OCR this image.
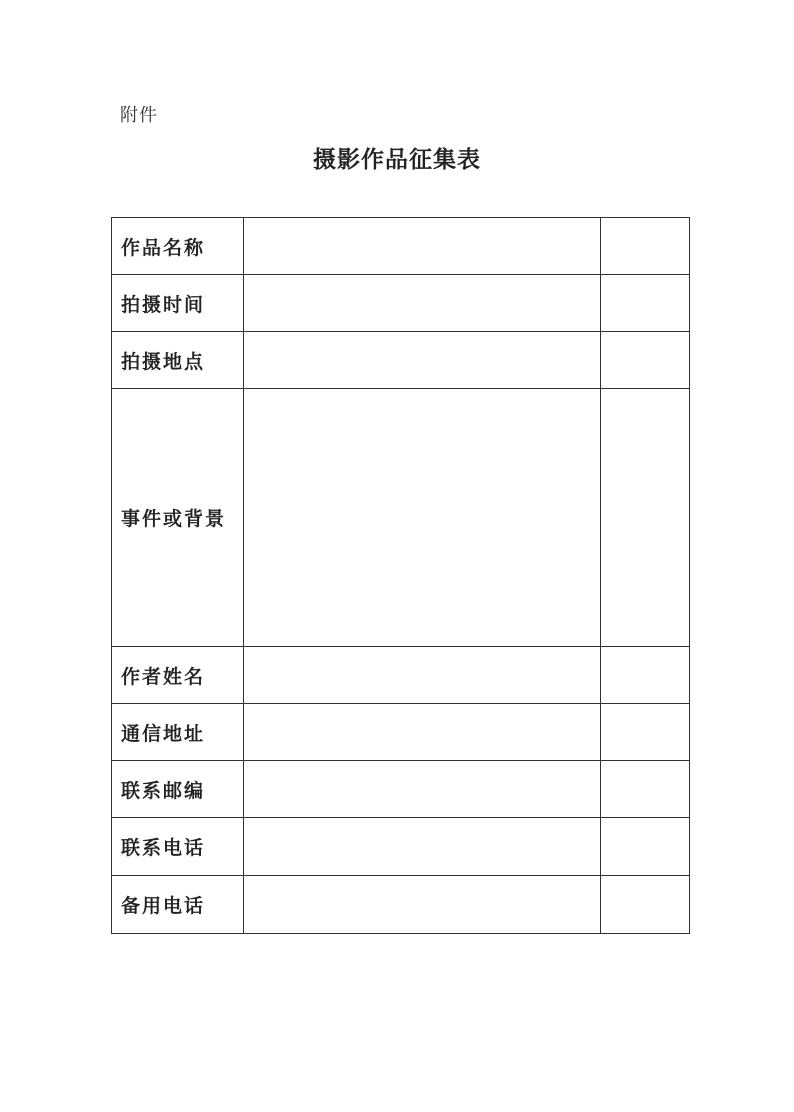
附件
摄影作品征集表
作品名称		
拍摄时间		
拍摄地点		
事件或背景		
作者姓名		
通信地址		
联系邮编		
联系电话		
备用电话		
